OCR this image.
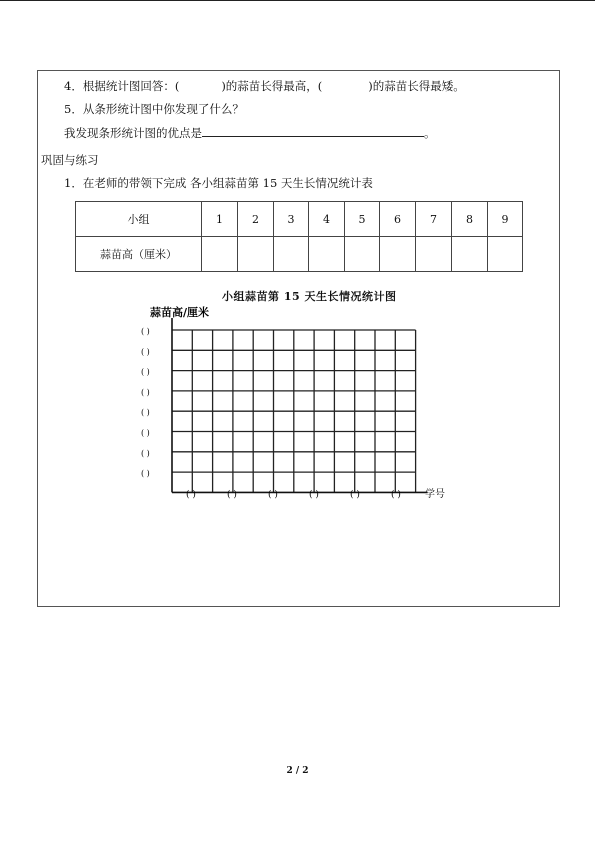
4．根据统计图回答：(	)的蒜苗长得最高，(	)的蒜苗长得最矮。
5．从条形统计图中你发现了什么？
我发现条形统计图的优点是	。
巩固与练习
1．在老师的带领下完成 各小组蒜苗第 15 天生长情况统计表
小组	1	2	3	4	5	6	7	8	9
蒜苗高（厘米）									
小组蒜苗第 15 天生长情况统计图
蒜苗高/厘米
学号
( )
( )
( )
( )
( )
( )
( )
( )
( )	( )	( )	( )	( )	( )
2 / 2
